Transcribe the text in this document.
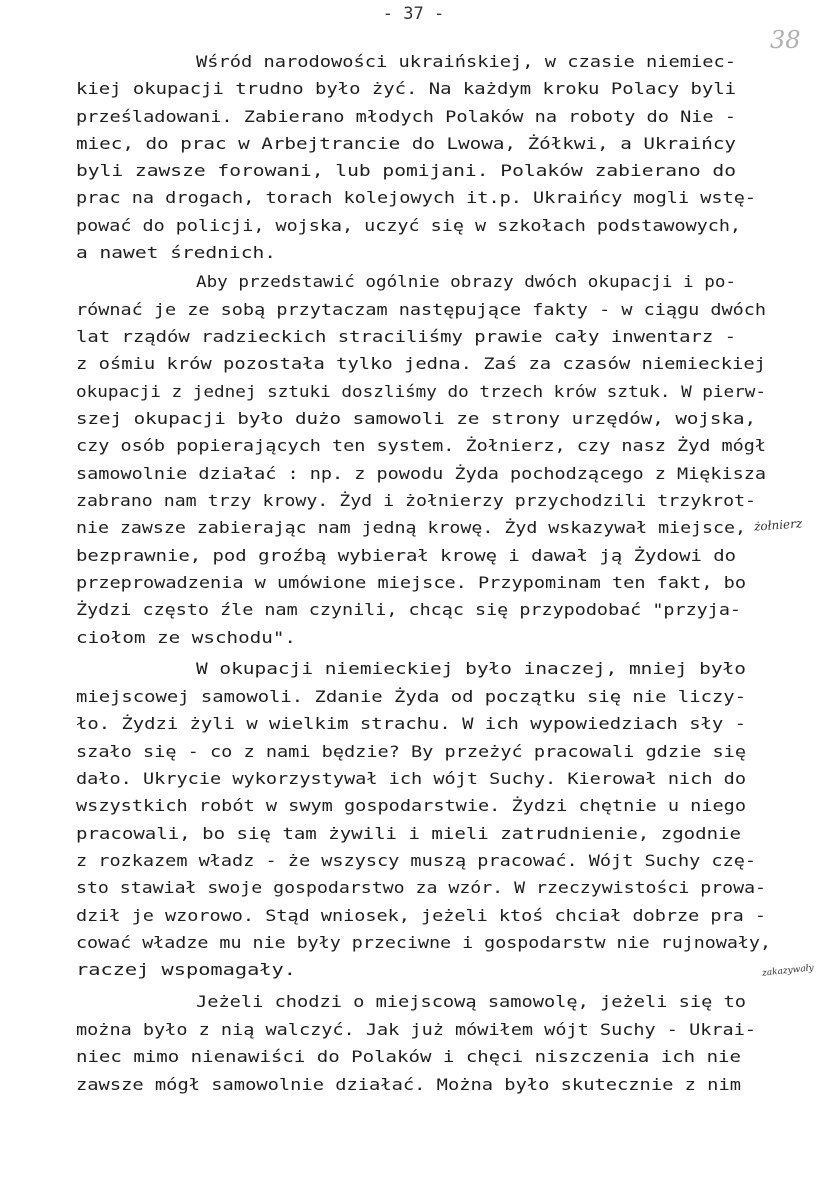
- 37 -
38

Wśród narodowości ukraińskiej, w czasie niemiec-

kiej okupacji trudno było żyć. Na każdym kroku Polacy byli

prześladowani. Zabierano młodych Polaków na roboty do Nie -

miec, do prac w Arbejtrancie do Lwowa, Żółkwi, a Ukraińcy

byli zawsze forowani, lub pomijani. Polaków zabierano do

prac na drogach, torach kolejowych it.p. Ukraińcy mogli wstę-

pować do policji, wojska, uczyć się w szkołach podstawowych,

a nawet średnich.

Aby przedstawić ogólnie obrazy dwóch okupacji i po-

równać je ze sobą przytaczam następujące fakty - w ciągu dwóch

lat rządów radzieckich straciliśmy prawie cały inwentarz -

z ośmiu krów pozostała tylko jedna. Zaś za czasów niemieckiej

okupacji z jednej sztuki doszliśmy do trzech krów sztuk. W pierw-

szej okupacji było dużo samowoli ze strony urzędów, wojska,

czy osób popierających ten system. Żołnierz, czy nasz Żyd mógł

samowolnie działać : np. z powodu Żyda pochodzącego z Miękisza

zabrano nam trzy krowy. Żyd i żołnierzy przychodzili trzykrot-

nie zawsze zabierając nam jedną krowę. Żyd wskazywał miejsce,

bezprawnie, pod groźbą wybierał krowę i dawał ją Żydowi do

przeprowadzenia w umówione miejsce. Przypominam ten fakt, bo

Żydzi często źle nam czynili, chcąc się przypodobać "przyja-

ciołom ze wschodu".

W okupacji niemieckiej było inaczej, mniej było

miejscowej samowoli. Zdanie Żyda od początku się nie liczy-

ło. Żydzi żyli w wielkim strachu. W ich wypowiedziach sły -

szało się - co z nami będzie? By przeżyć pracowali gdzie się

dało. Ukrycie wykorzystywał ich wójt Suchy. Kierował nich do

wszystkich robót w swym gospodarstwie. Żydzi chętnie u niego

pracowali, bo się tam żywili i mieli zatrudnienie, zgodnie

z rozkazem władz - że wszyscy muszą pracować. Wójt Suchy czę-

sto stawiał swoje gospodarstwo za wzór. W rzeczywistości prowa-

dził je wzorowo. Stąd wniosek, jeżeli ktoś chciał dobrze pra -

cować władze mu nie były przeciwne i gospodarstw nie rujnowały,

raczej wspomagały.

Jeżeli chodzi o miejscową samowolę, jeżeli się to

można było z nią walczyć. Jak już mówiłem wójt Suchy - Ukrai-

niec mimo nienawiści do Polaków i chęci niszczenia ich nie

zawsze mógł samowolnie działać. Można było skutecznie z nim

żołnierz
zakazywały
